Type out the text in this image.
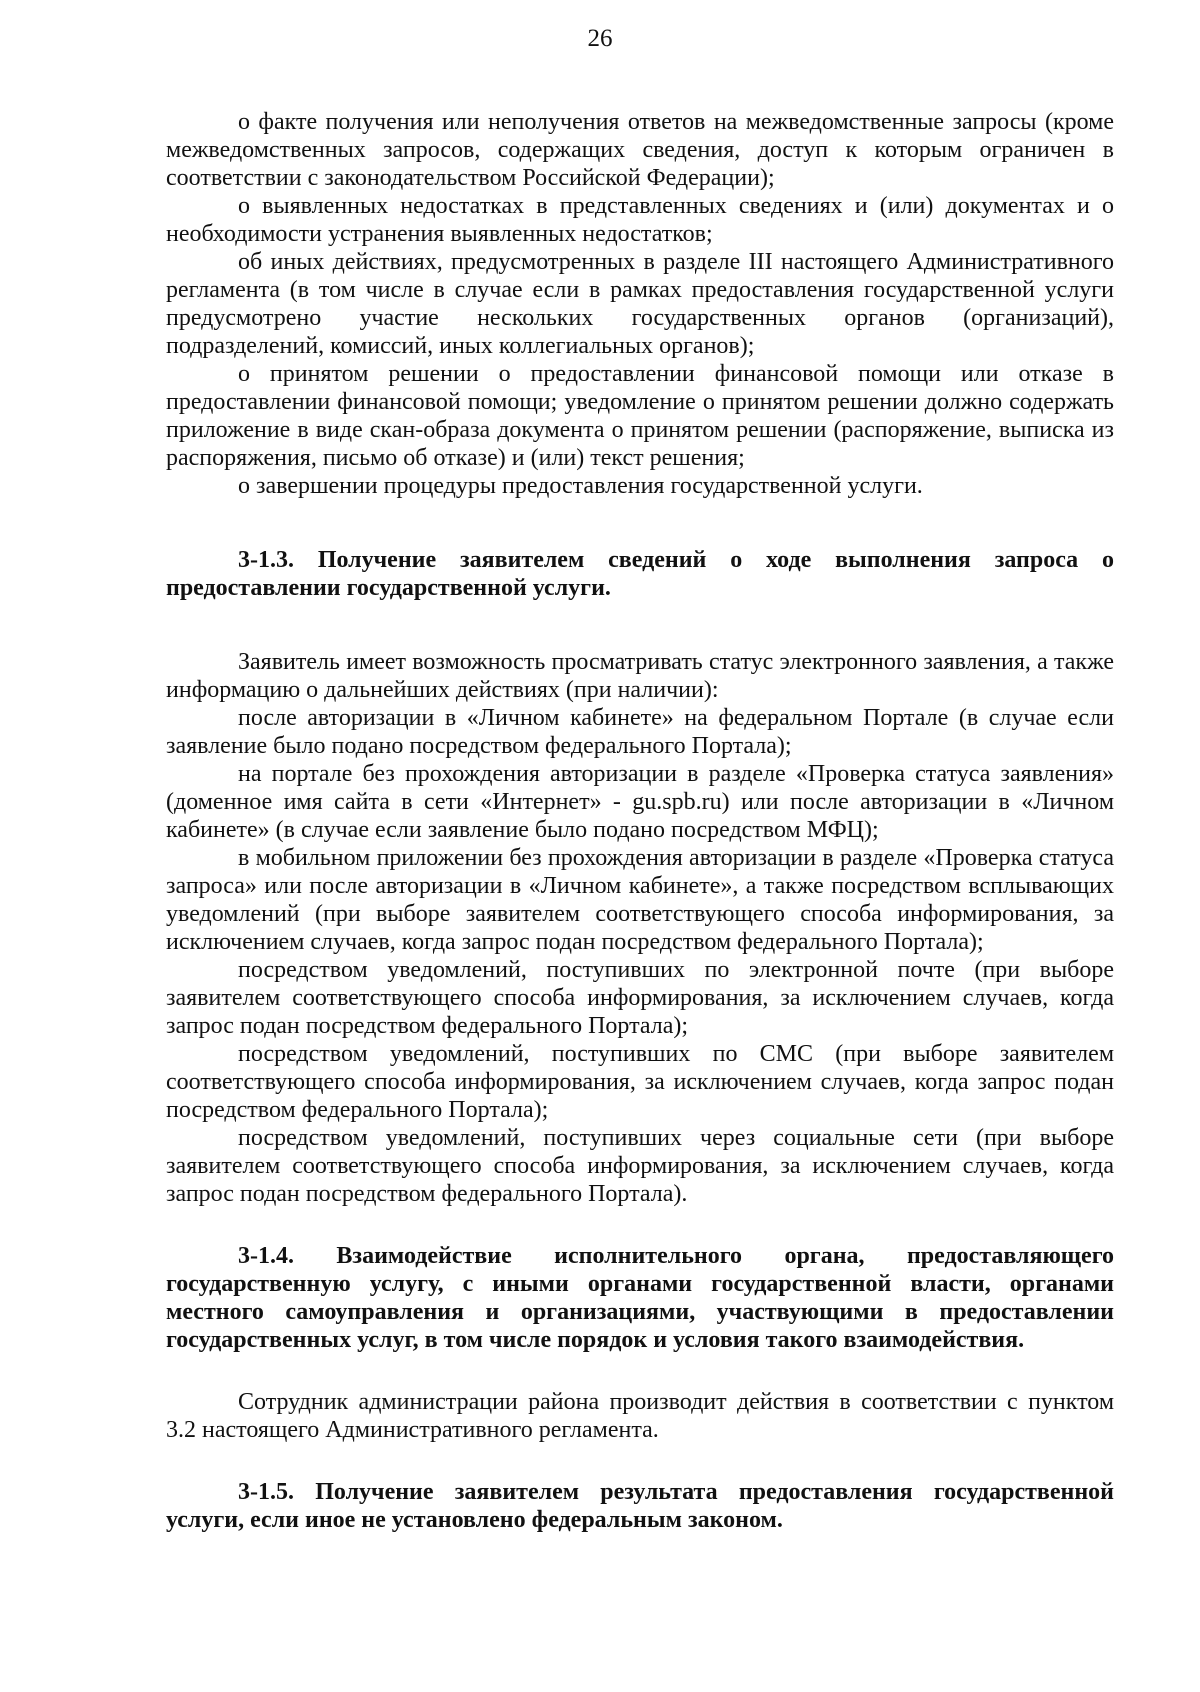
26

о факте получения или неполучения ответов на межведомственные запросы (кроме межведомственных запросов, содержащих сведения, доступ к которым ограничен в соответствии с законодательством Российской Федерации);

о выявленных недостатках в представленных сведениях и (или) документах и о необходимости устранения выявленных недостатков;

об иных действиях, предусмотренных в разделе III настоящего Административного регламента (в том числе в случае если в рамках предоставления государственной услуги предусмотрено участие нескольких государственных органов (организаций), подразделений, комиссий, иных коллегиальных органов);

о принятом решении о предоставлении финансовой помощи или отказе в предоставлении финансовой помощи; уведомление о принятом решении должно содержать приложение в виде скан-образа документа о принятом решении (распоряжение, выписка из распоряжения, письмо об отказе) и (или) текст решения;

о завершении процедуры предоставления государственной услуги.

3-1.3. Получение заявителем сведений о ходе выполнения запроса о предоставлении государственной услуги.

Заявитель имеет возможность просматривать статус электронного заявления, а также информацию о дальнейших действиях (при наличии):

после авторизации в «Личном кабинете» на федеральном Портале (в случае если заявление было подано посредством федерального Портала);

на портале без прохождения авторизации в разделе «Проверка статуса заявления» (доменное имя сайта в сети «Интернет» - gu.spb.ru) или после авторизации в «Личном кабинете» (в случае если заявление было подано посредством МФЦ);

в мобильном приложении без прохождения авторизации в разделе «Проверка статуса запроса» или после авторизации в «Личном кабинете», а также посредством всплывающих уведомлений (при выборе заявителем соответствующего способа информирования, за исключением случаев, когда запрос подан посредством федерального Портала);

посредством уведомлений, поступивших по электронной почте (при выборе заявителем соответствующего способа информирования, за исключением случаев, когда запрос подан посредством федерального Портала);

посредством уведомлений, поступивших по СМС (при выборе заявителем соответствующего способа информирования, за исключением случаев, когда запрос подан посредством федерального Портала);

посредством уведомлений, поступивших через социальные сети (при выборе заявителем соответствующего способа информирования, за исключением случаев, когда запрос подан посредством федерального Портала).

3-1.4. Взаимодействие исполнительного органа, предоставляющего государственную услугу, с иными органами государственной власти, органами местного самоуправления и организациями, участвующими в предоставлении государственных услуг, в том числе порядок и условия такого взаимодействия.

Сотрудник администрации района производит действия в соответствии с пунктом 3.2 настоящего Административного регламента.

3-1.5. Получение заявителем результата предоставления государственной услуги, если иное не установлено федеральным законом.
